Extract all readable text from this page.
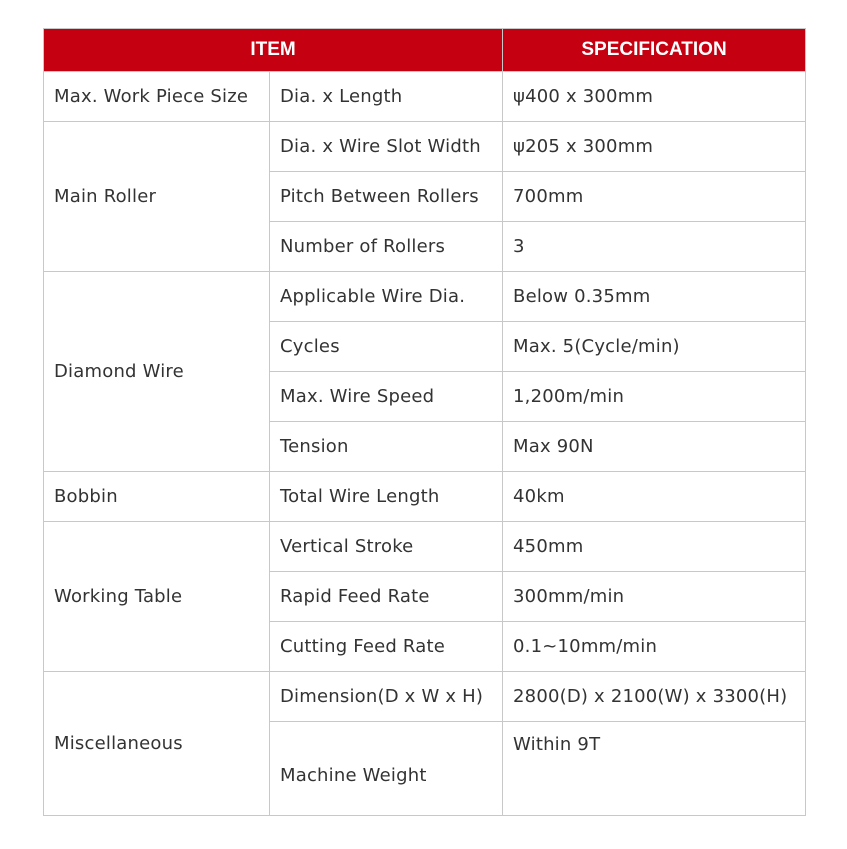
ITEM		SPECIFICATION
Max. Work Piece Size	Dia. x Length	ψ400 x 300mm
Main Roller	Dia. x Wire Slot Width	ψ205 x 300mm
	Pitch Between Rollers	700mm
	Number of Rollers	3
Diamond Wire	Applicable Wire Dia.	Below 0.35mm
	Cycles	Max. 5(Cycle/min)
	Max. Wire Speed	1,200m/min
	Tension	Max 90N
Bobbin	Total Wire Length	40km
Working Table	Vertical Stroke	450mm
	Rapid Feed Rate	300mm/min
	Cutting Feed Rate	0.1~10mm/min
Miscellaneous	Dimension(D x W x H)	2800(D) x 2100(W) x 3300(H)
	Machine Weight	Within 9T
